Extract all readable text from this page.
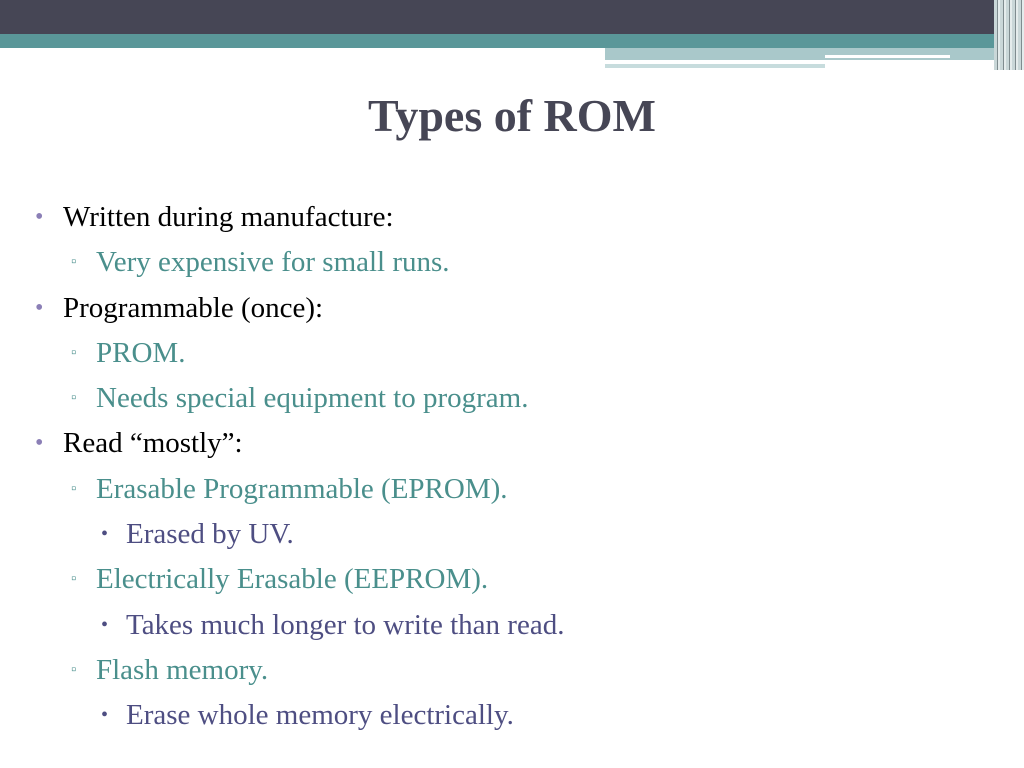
Types of ROM
• Written during manufacture:
▫ Very expensive for small runs.
• Programmable (once):
▫ PROM.
▫ Needs special equipment to program.
• Read “mostly”:
▫ Erasable Programmable (EPROM).
• Erased by UV.
▫ Electrically Erasable (EEPROM).
• Takes much longer to write than read.
▫ Flash memory.
• Erase whole memory electrically.
